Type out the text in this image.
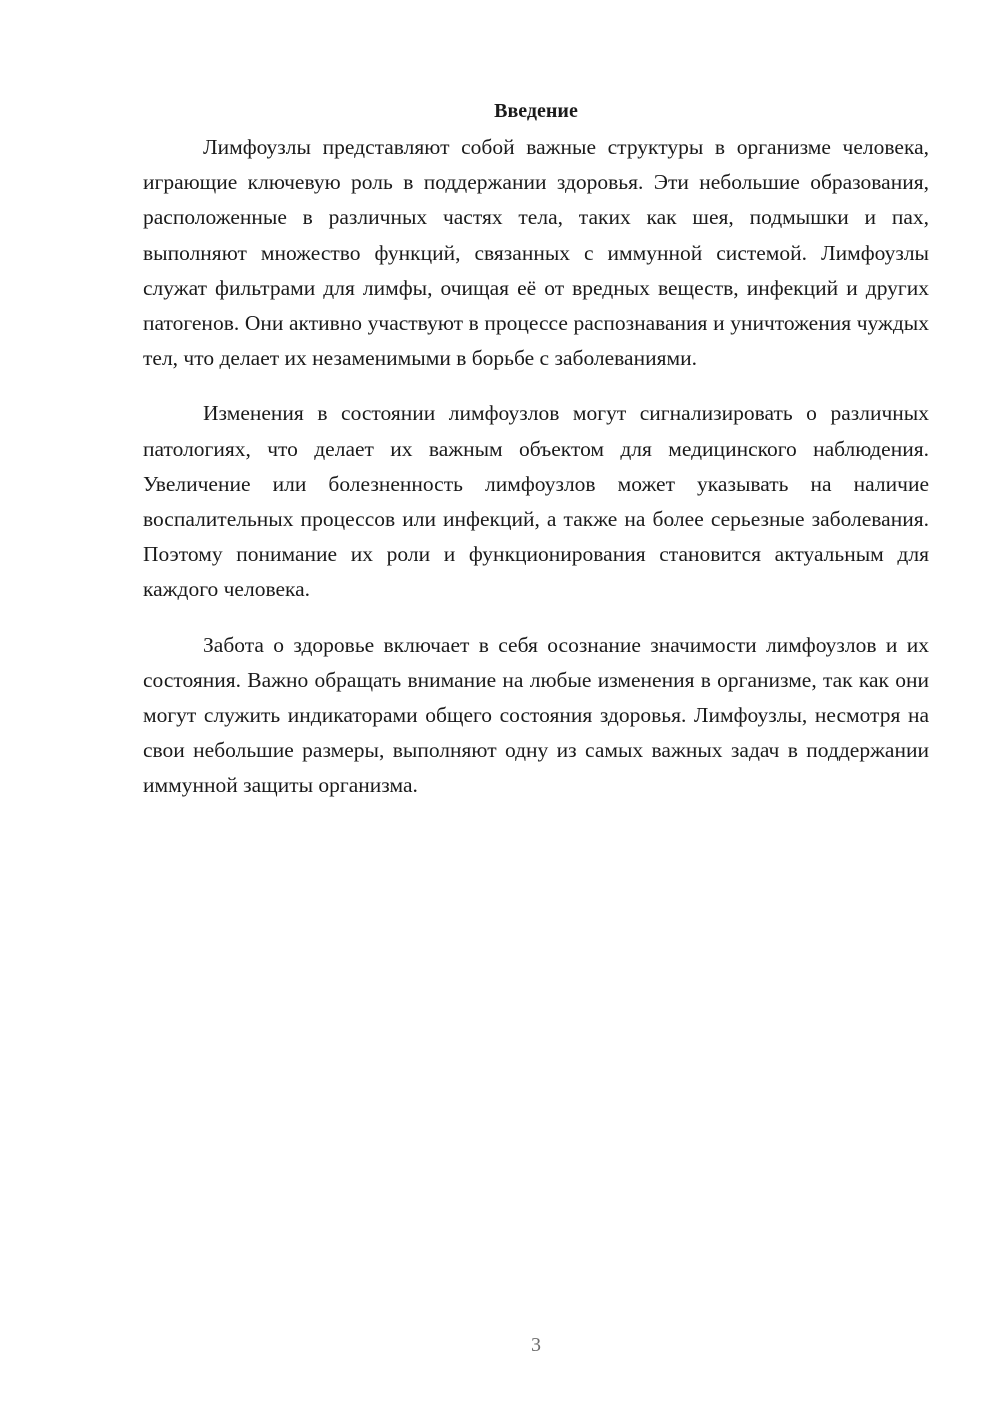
Введение

Лимфоузлы представляют собой важные структуры в организме человека, играющие ключевую роль в поддержании здоровья. Эти небольшие образования, расположенные в различных частях тела, таких как шея, подмышки и пах, выполняют множество функций, связанных с иммунной системой. Лимфоузлы служат фильтрами для лимфы, очищая её от вредных веществ, инфекций и других патогенов. Они активно участвуют в процессе распознавания и уничтожения чуждых тел, что делает их незаменимыми в борьбе с заболеваниями.

Изменения в состоянии лимфоузлов могут сигнализировать о различных патологиях, что делает их важным объектом для медицинского наблюдения. Увеличение или болезненность лимфоузлов может указывать на наличие воспалительных процессов или инфекций, а также на более серьезные заболевания. Поэтому понимание их роли и функционирования становится актуальным для каждого человека.

Забота о здоровье включает в себя осознание значимости лимфоузлов и их состояния. Важно обращать внимание на любые изменения в организме, так как они могут служить индикаторами общего состояния здоровья. Лимфоузлы, несмотря на свои небольшие размеры, выполняют одну из самых важных задач в поддержании иммунной защиты организма.

3
